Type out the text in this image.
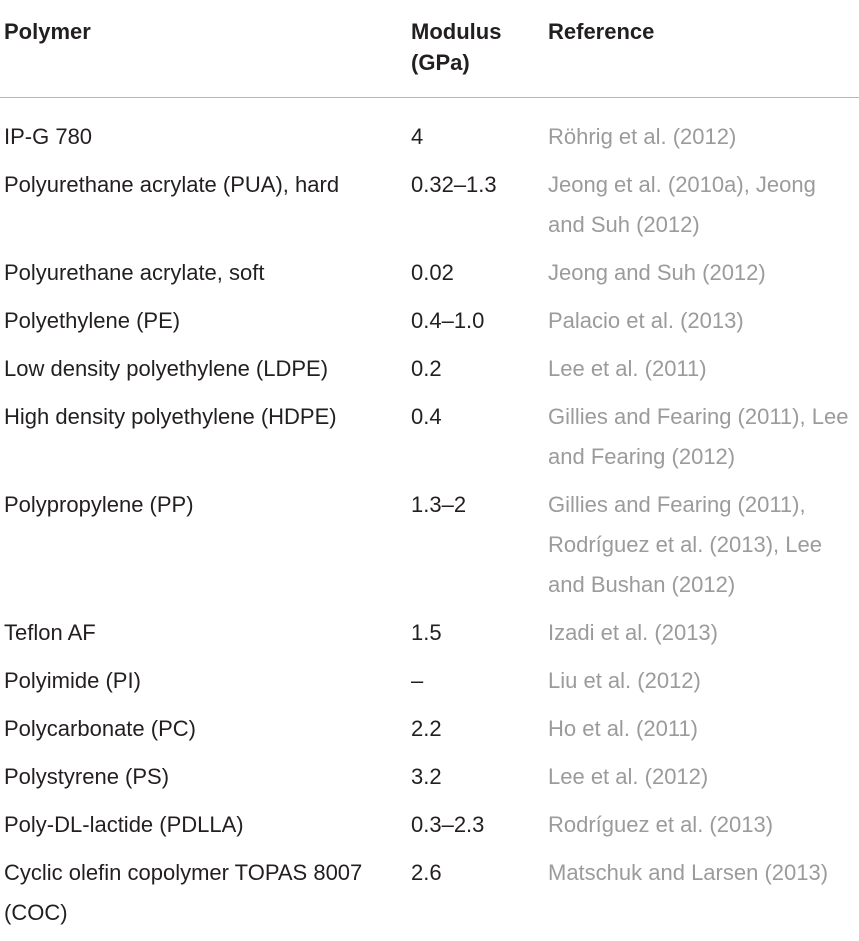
Polymer	Modulus (GPa)	Reference
IP-G 780	4	Röhrig et al. (2012)
Polyurethane acrylate (PUA), hard	0.32–1.3	Jeong et al. (2010a), Jeong and Suh (2012)
Polyurethane acrylate, soft	0.02	Jeong and Suh (2012)
Polyethylene (PE)	0.4–1.0	Palacio et al. (2013)
Low density polyethylene (LDPE)	0.2	Lee et al. (2011)
High density polyethylene (HDPE)	0.4	Gillies and Fearing (2011), Lee and Fearing (2012)
Polypropylene (PP)	1.3–2	Gillies and Fearing (2011), Rodríguez et al. (2013), Lee and Bushan (2012)
Teflon AF	1.5	Izadi et al. (2013)
Polyimide (PI)	–	Liu et al. (2012)
Polycarbonate (PC)	2.2	Ho et al. (2011)
Polystyrene (PS)	3.2	Lee et al. (2012)
Poly-DL-lactide (PDLLA)	0.3–2.3	Rodríguez et al. (2013)
Cyclic olefin copolymer TOPAS 8007 (COC)	2.6	Matschuk and Larsen (2013)
